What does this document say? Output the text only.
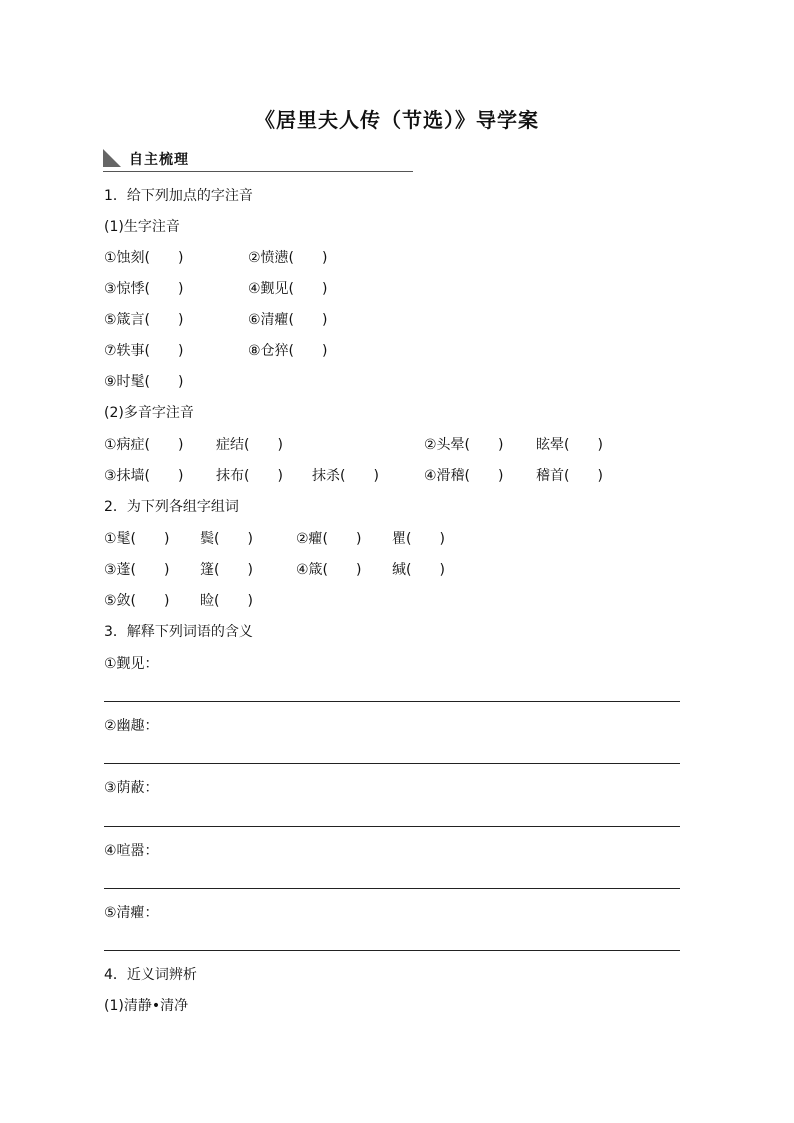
《居里夫人传（节选）》导学案
自主梳理
1．给下列加点的字注音
(1)生字注音
①蚀刻(　　)	②愤懑(　　)
③惊悸(　　)	④觐见(　　)
⑤箴言(　　)	⑥清癯(　　)
⑦轶事(　　)	⑧仓猝(　　)
⑨时髦(　　)
(2)多音字注音
①病症(　　) 症结(　　)	②头晕(　　) 眩晕(　　)
③抹墙(　　) 抹布(　　) 抹杀(　　)	④滑稽(　　) 稽首(　　)
2．为下列各组字组词
①髦(　　) 鬓(　　)	②癯(　　) 瞿(　　)
③蓬(　　) 篷(　　)	④箴(　　) 缄(　　)
⑤敛(　　) 睑(　　)
3．解释下列词语的含义
①觐见：
②幽趣：
③荫蔽：
④喧嚣：
⑤清癯：
4．近义词辨析
(1)清静•清净
